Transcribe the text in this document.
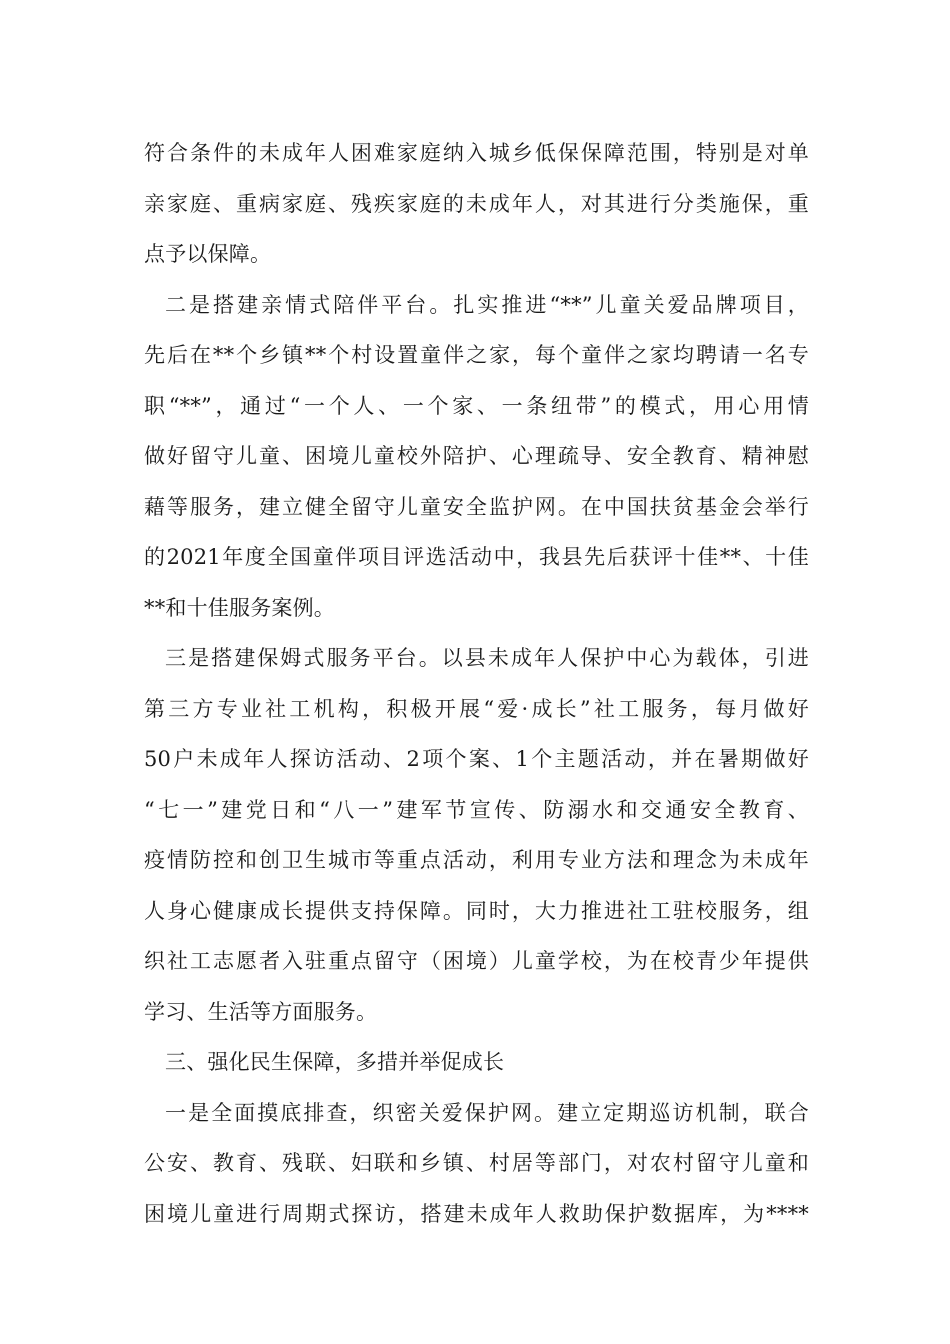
符合条件的未成年人困难家庭纳入城乡低保保障范围，特别是对单
亲家庭、重病家庭、残疾家庭的未成年人，对其进行分类施保，重
点予以保障。
二是搭建亲情式陪伴平台。扎实推进“**”儿童关爱品牌项目，
先后在**个乡镇**个村设置童伴之家，每个童伴之家均聘请一名专
职“**”，通过“一个人、一个家、一条纽带”的模式，用心用情
做好留守儿童、困境儿童校外陪护、心理疏导、安全教育、精神慰
藉等服务，建立健全留守儿童安全监护网。在中国扶贫基金会举行
的2021年度全国童伴项目评选活动中，我县先后获评十佳**、十佳
**和十佳服务案例。
三是搭建保姆式服务平台。以县未成年人保护中心为载体，引进
第三方专业社工机构，积极开展“爱·成长”社工服务，每月做好
50户未成年人探访活动、2项个案、1个主题活动，并在暑期做好
“七一”建党日和“八一”建军节宣传、防溺水和交通安全教育、
疫情防控和创卫生城市等重点活动，利用专业方法和理念为未成年
人身心健康成长提供支持保障。同时，大力推进社工驻校服务，组
织社工志愿者入驻重点留守（困境）儿童学校，为在校青少年提供
学习、生活等方面服务。
三、强化民生保障，多措并举促成长
一是全面摸底排查，织密关爱保护网。建立定期巡访机制，联合
公安、教育、残联、妇联和乡镇、村居等部门，对农村留守儿童和
困境儿童进行周期式探访，搭建未成年人救助保护数据库，为****
